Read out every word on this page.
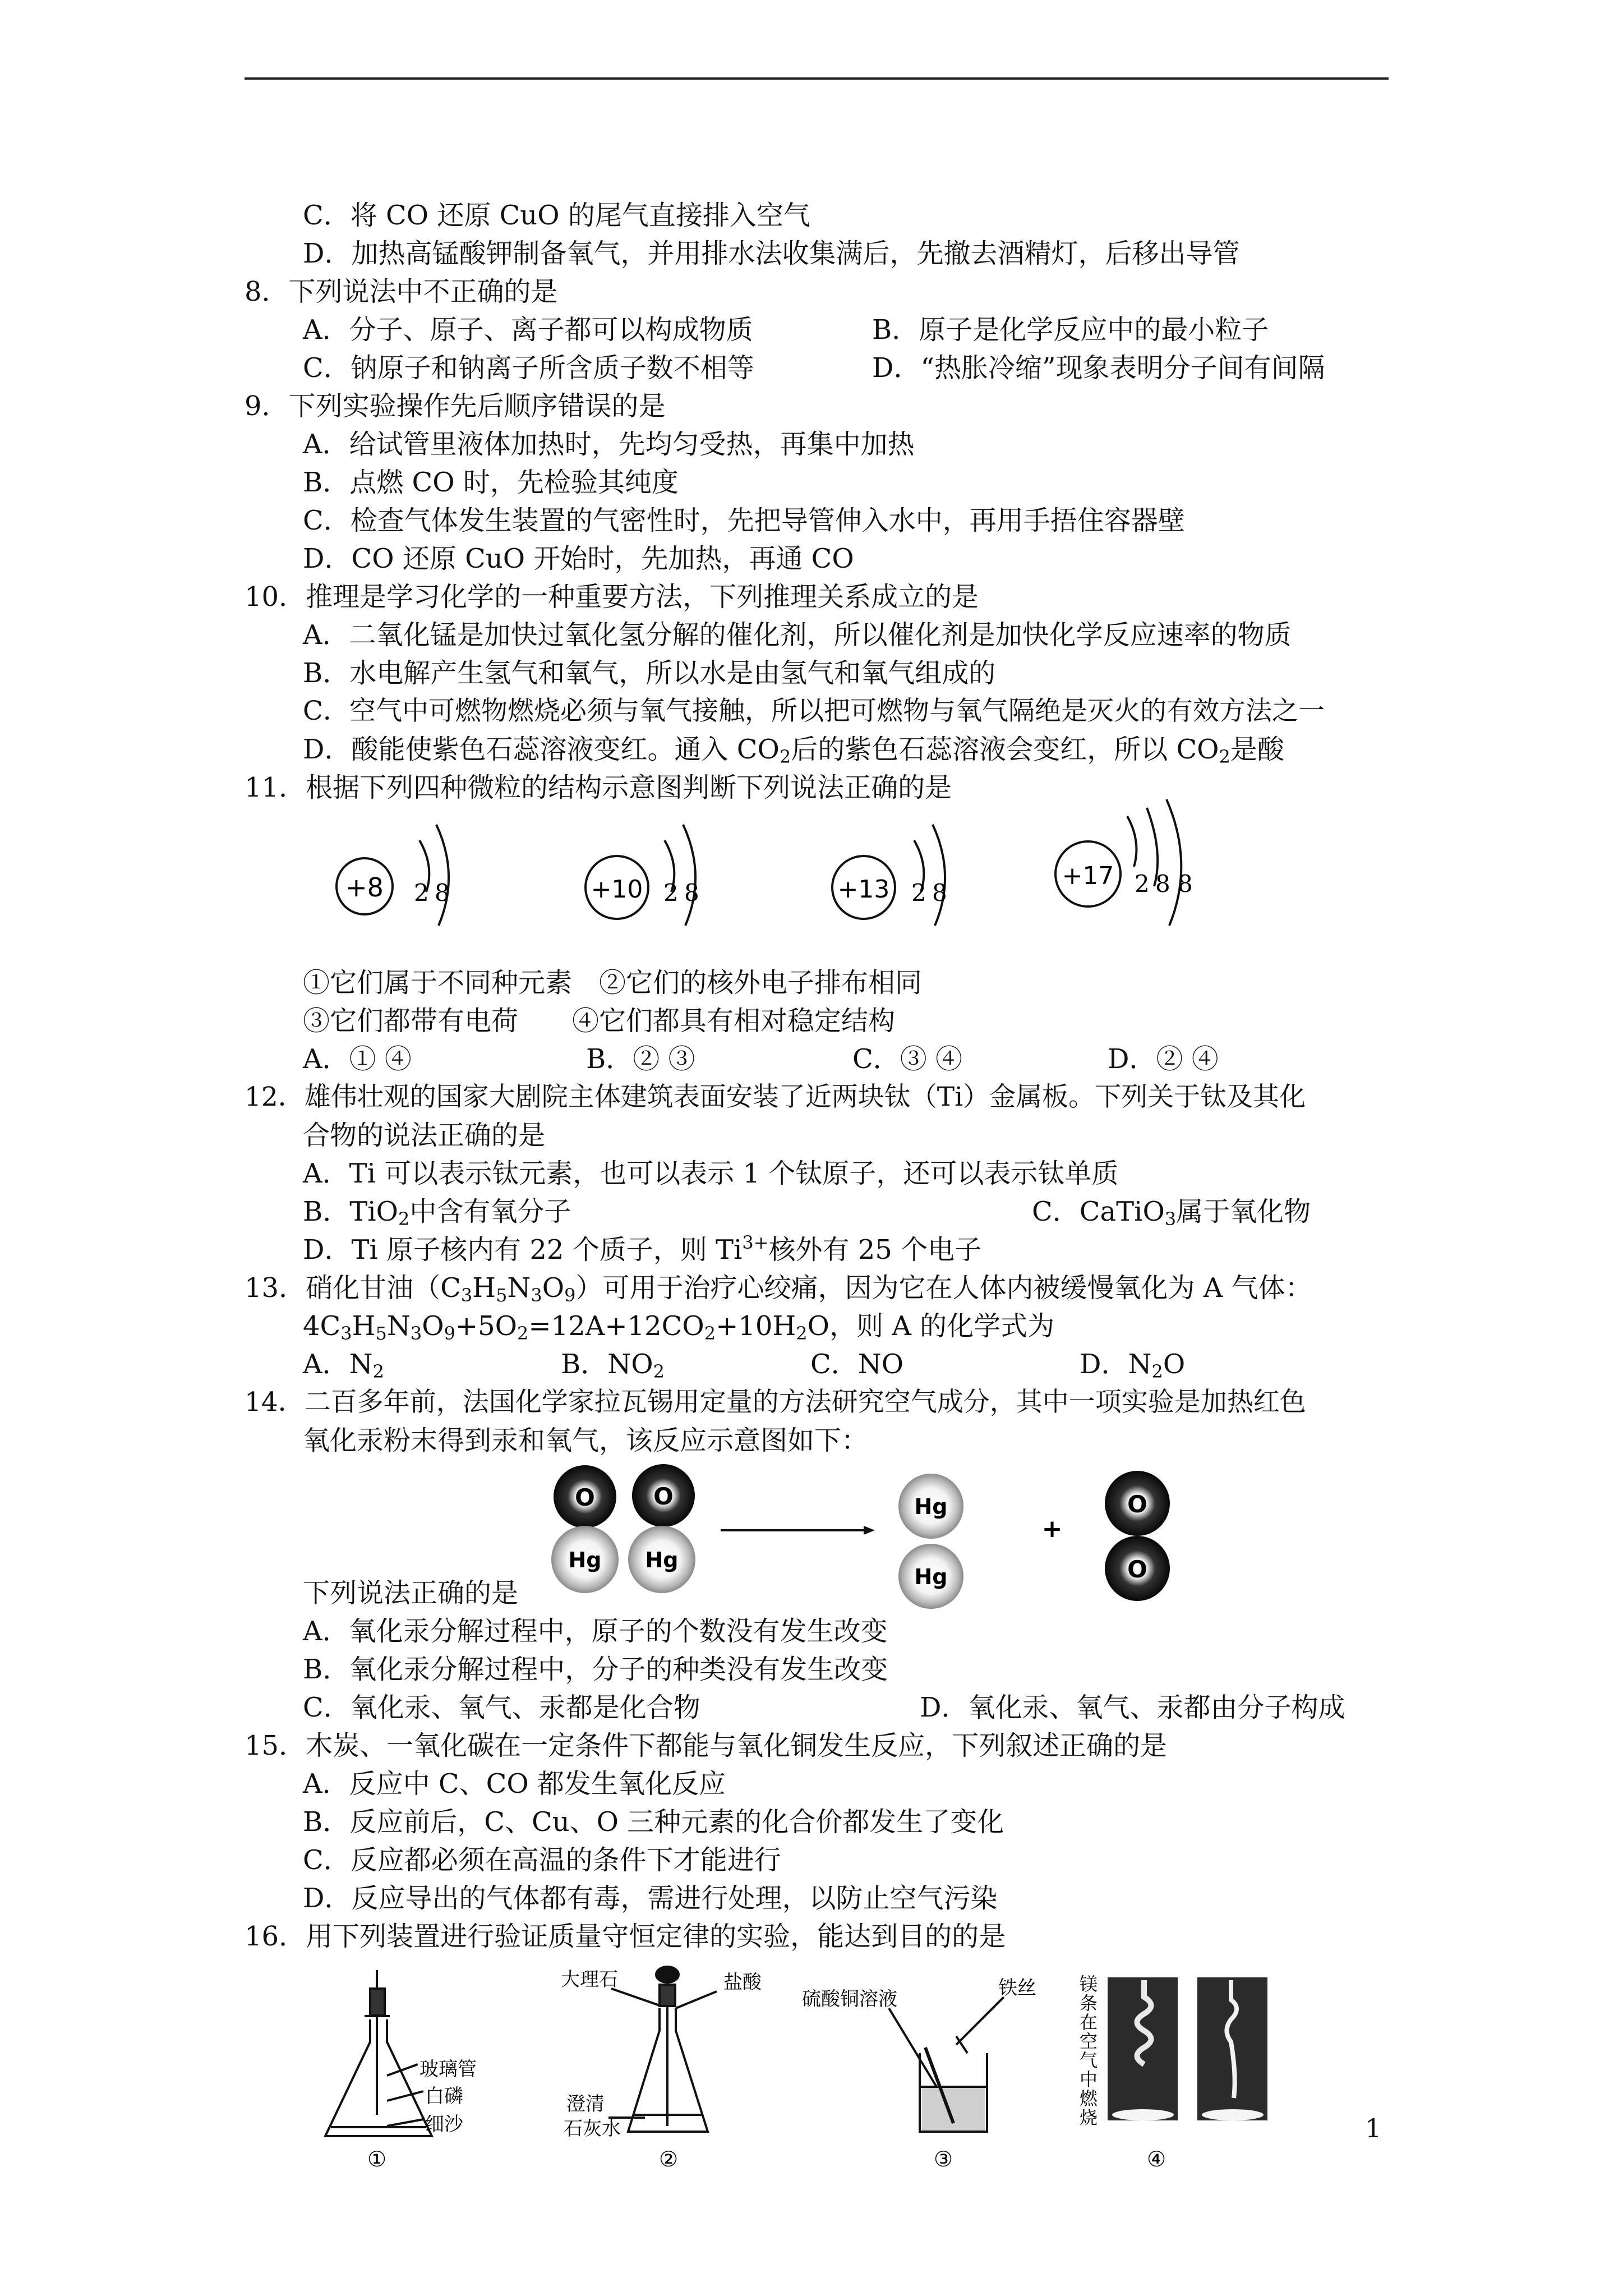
C．将 CO 还原 CuO 的尾气直接排入空气
D．加热高锰酸钾制备氧气，并用排水法收集满后，先撤去酒精灯，后移出导管
8．下列说法中不正确的是
A．分子、原子、离子都可以构成物质	B．原子是化学反应中的最小粒子
C．钠原子和钠离子所含质子数不相等	D．“热胀冷缩”现象表明分子间有间隔
9．下列实验操作先后顺序错误的是
A．给试管里液体加热时，先均匀受热，再集中加热
B．点燃 CO 时，先检验其纯度
C．检查气体发生装置的气密性时，先把导管伸入水中，再用手捂住容器壁
D．CO 还原 CuO 开始时，先加热，再通 CO
10．推理是学习化学的一种重要方法，下列推理关系成立的是
A．二氧化锰是加快过氧化氢分解的催化剂，所以催化剂是加快化学反应速率的物质
B．水电解产生氢气和氧气，所以水是由氢气和氧气组成的
C．空气中可燃物燃烧必须与氧气接触，所以把可燃物与氧气隔绝是灭火的有效方法之一
D．酸能使紫色石蕊溶液变红。通入 $CO_2$后的紫色石蕊溶液会变红，所以 $CO_2$是酸
11．根据下列四种微粒的结构示意图判断下列说法正确的是
+8 2 8	+10 2 8	+13 2 8
+17 2 8 8
①它们属于不同种元素　②它们的核外电子排布相同
③它们都带有电荷　　④它们都具有相对稳定结构
A．① ④	B．② ③	C．③ ④	D．② ④
12．雄伟壮观的国家大剧院主体建筑表面安装了近两块钛（Ti）金属板。下列关于钛及其化
合物的说法正确的是
A．Ti 可以表示钛元素，也可以表示 1 个钛原子，还可以表示钛单质
B．TiO$_2$中含有氧分子	C．CaTiO$_3$属于氧化物
D．Ti 原子核内有 22 个质子，则 $Ti^{3+}$核外有 25 个电子
13．硝化甘油$(C_3H_5N_3O_9)$可用于治疗心绞痛，因为它在人体内被缓慢氧化为 A 气体：
$4C_3H_5N_3O_9+5O_2=12A+12CO_2+10H_2O$，则 A 的化学式为
A．$N_2$	B．$NO_2$	C．NO	D．$N_2O$
14．二百多年前，法国化学家拉瓦锡用定量的方法研究空气成分，其中一项实验是加热红色
氧化汞粉末得到汞和氧气，该反应示意图如下：
O
Hg
O
Hg
Hg
Hg
+
O
O
下列说法正确的是
A．氧化汞分解过程中，原子的个数没有发生改变
B．氧化汞分解过程中，分子的种类没有发生改变
C．氧化汞、氧气、汞都是化合物	D．氧化汞、氧气、汞都由分子构成
15．木炭、一氧化碳在一定条件下都能与氧化铜发生反应，下列叙述正确的是
A．反应中 C、CO 都发生氧化反应
B．反应前后，C、Cu、O 三种元素的化合价都发生了变化
C．反应都必须在高温的条件下才能进行
D．反应导出的气体都有毒，需进行处理，以防止空气污染
16．用下列装置进行验证质量守恒定律的实验，能达到目的的是
玻璃管
白磷
细沙
①
大理石	盐酸
澄清
石灰水
②
硫酸铜溶液	铁丝
③
镁
条
在
空
气
中
燃
烧
④
1
